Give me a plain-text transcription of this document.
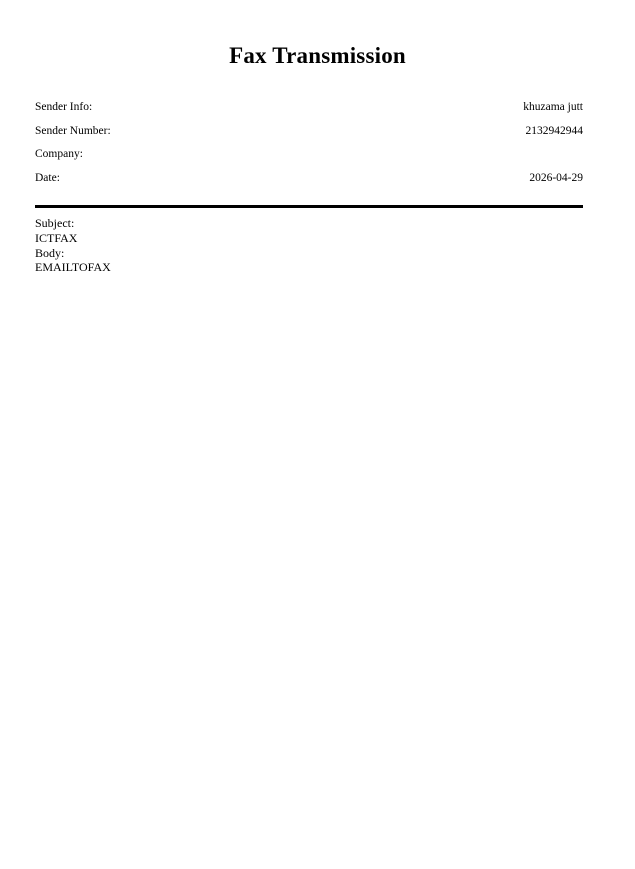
Fax Transmission
Sender Info:	khuzama jutt
Sender Number:	2132942944
Company:
Date:	2026-04-29
Subject:
ICTFAX
Body:
EMAILTOFAX
